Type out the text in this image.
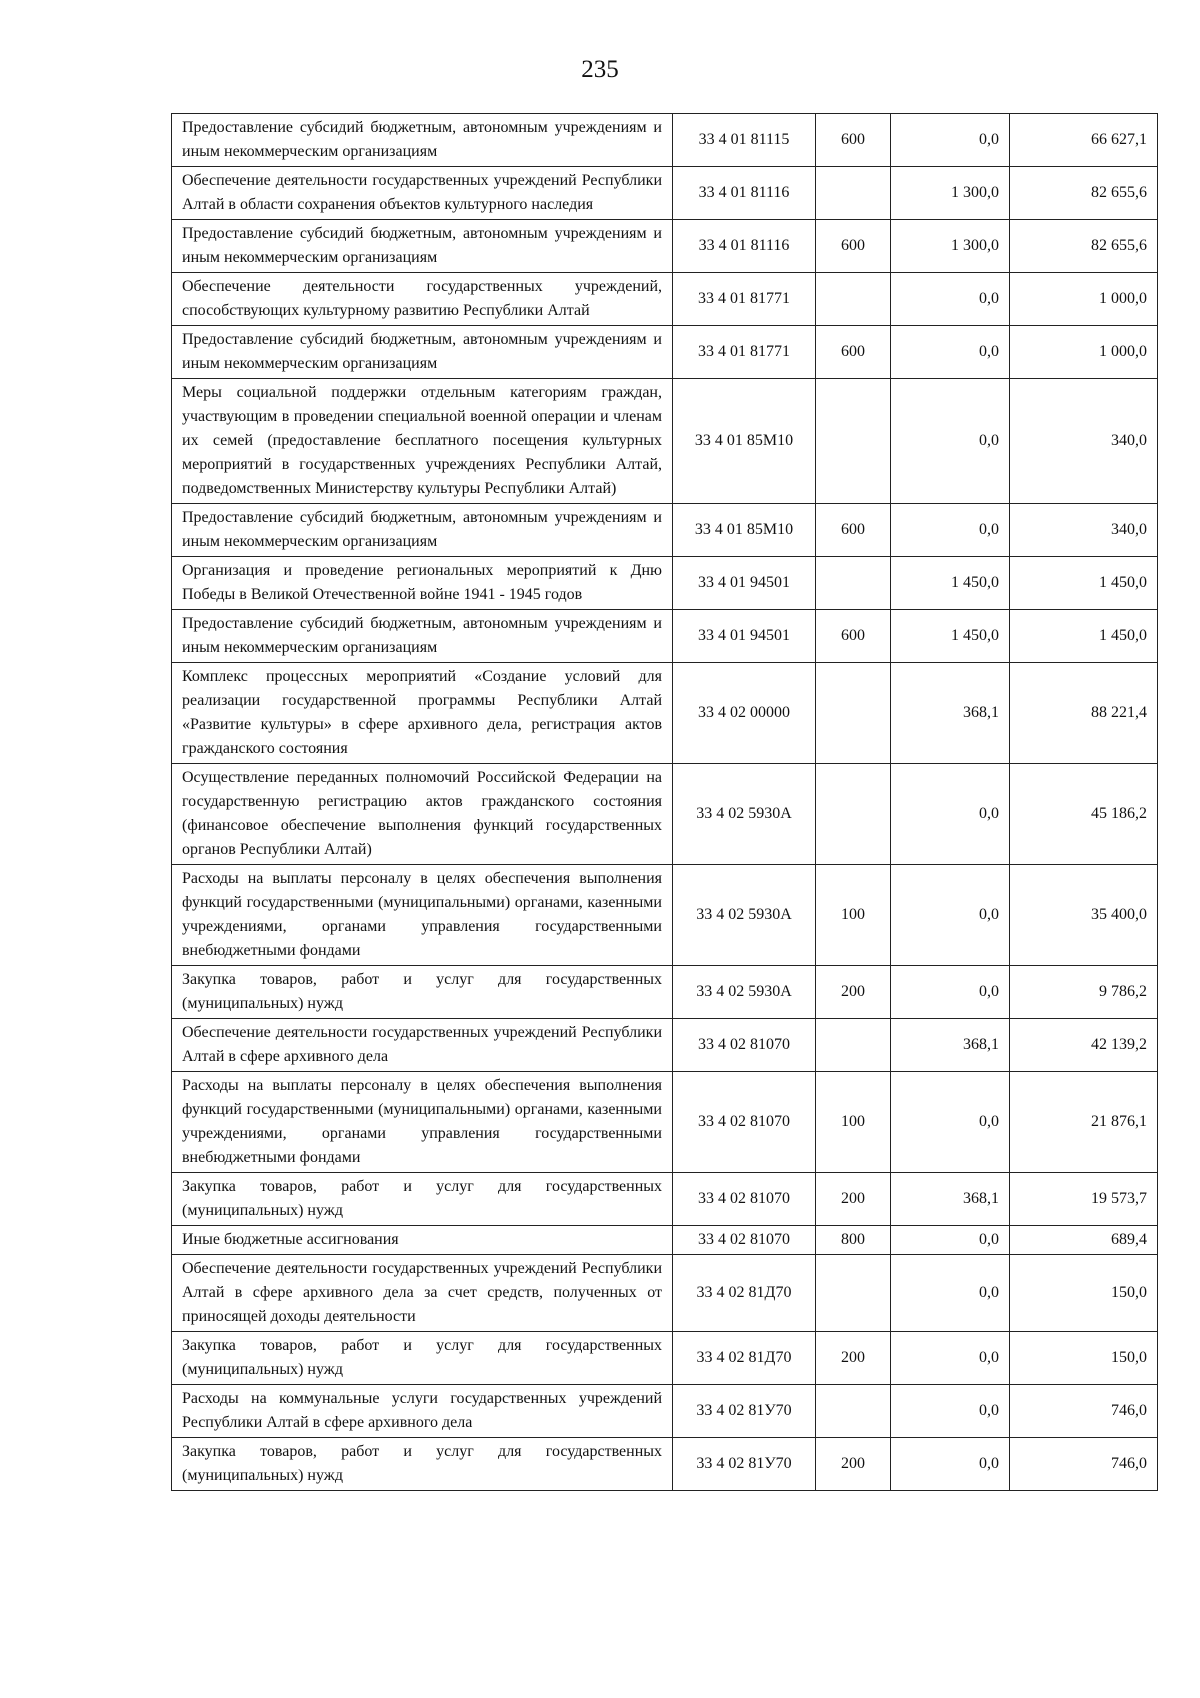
235
Предоставление субсидий бюджетным, автономным учреждениям и иным некоммерческим организациям	33 4 01 81115	600	0,0	66 627,1
Обеспечение деятельности государственных учреждений Республики Алтай в области сохранения объектов культурного наследия	33 4 01 81116		1 300,0	82 655,6
Предоставление субсидий бюджетным, автономным учреждениям и иным некоммерческим организациям	33 4 01 81116	600	1 300,0	82 655,6
Обеспечение деятельности государственных учреждений, способствующих культурному развитию Республики Алтай	33 4 01 81771		0,0	1 000,0
Предоставление субсидий бюджетным, автономным учреждениям и иным некоммерческим организациям	33 4 01 81771	600	0,0	1 000,0
Меры социальной поддержки отдельным категориям граждан, участвующим в проведении специальной военной операции и членам их семей (предоставление бесплатного посещения культурных мероприятий в государственных учреждениях Республики Алтай, подведомственных Министерству культуры Республики Алтай)	33 4 01 85М10		0,0	340,0
Предоставление субсидий бюджетным, автономным учреждениям и иным некоммерческим организациям	33 4 01 85М10	600	0,0	340,0
Организация и проведение региональных мероприятий к Дню Победы в Великой Отечественной войне 1941 - 1945 годов	33 4 01 94501		1 450,0	1 450,0
Предоставление субсидий бюджетным, автономным учреждениям и иным некоммерческим организациям	33 4 01 94501	600	1 450,0	1 450,0
Комплекс процессных мероприятий «Создание условий для реализации государственной программы Республики Алтай «Развитие культуры» в сфере архивного дела, регистрация актов гражданского состояния	33 4 02 00000		368,1	88 221,4
Осуществление переданных полномочий Российской Федерации на государственную регистрацию актов гражданского состояния (финансовое обеспечение выполнения функций государственных органов Республики Алтай)	33 4 02 5930А		0,0	45 186,2
Расходы на выплаты персоналу в целях обеспечения выполнения функций государственными (муниципальными) органами, казенными учреждениями, органами управления государственными внебюджетными фондами	33 4 02 5930А	100	0,0	35 400,0
Закупка товаров, работ и услуг для государственных (муниципальных) нужд	33 4 02 5930А	200	0,0	9 786,2
Обеспечение деятельности государственных учреждений Республики Алтай в сфере архивного дела	33 4 02 81070		368,1	42 139,2
Расходы на выплаты персоналу в целях обеспечения выполнения функций государственными (муниципальными) органами, казенными учреждениями, органами управления государственными внебюджетными фондами	33 4 02 81070	100	0,0	21 876,1
Закупка товаров, работ и услуг для государственных (муниципальных) нужд	33 4 02 81070	200	368,1	19 573,7
Иные бюджетные ассигнования	33 4 02 81070	800	0,0	689,4
Обеспечение деятельности государственных учреждений Республики Алтай в сфере архивного дела за счет средств, полученных от приносящей доходы деятельности	33 4 02 81Д70		0,0	150,0
Закупка товаров, работ и услуг для государственных (муниципальных) нужд	33 4 02 81Д70	200	0,0	150,0
Расходы на коммунальные услуги государственных учреждений Республики Алтай в сфере архивного дела	33 4 02 81У70		0,0	746,0
Закупка товаров, работ и услуг для государственных (муниципальных) нужд	33 4 02 81У70	200	0,0	746,0
